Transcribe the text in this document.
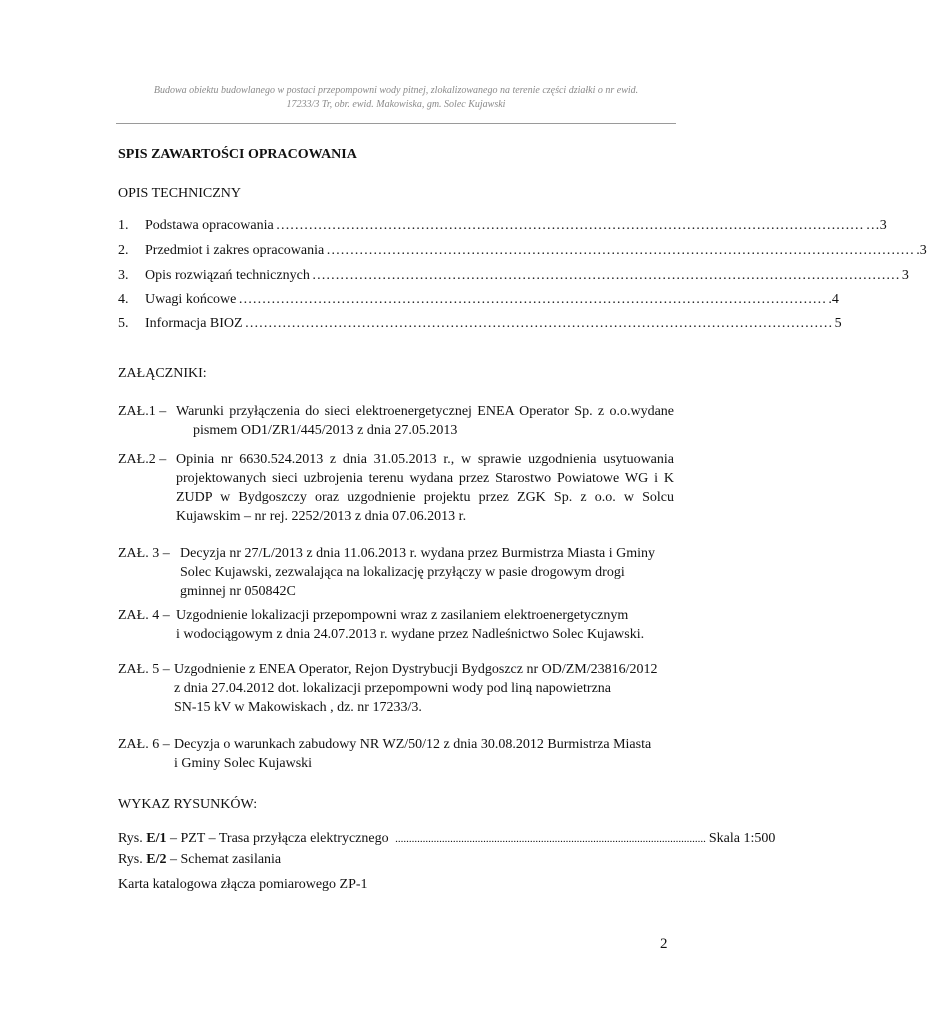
Budowa obiektu budowlanego w postaci przepompowni wody pitnej, zlokalizowanego na terenie części działki o nr ewid.
17233/3 Tr, obr. ewid. Makowiska, gm. Solec Kujawski
SPIS ZAWARTOŚCI OPRACOWANIA
OPIS TECHNICZNY
1. Podstawa opracowania ……………………………………………………………………………………………………………… …3
2. Przedmiot i zakres opracowania ……………………………………………………………………………………………………………… .3
3. Opis rozwiązań technicznych ……………………………………………………………………………………………………………… 3
4. Uwagi końcowe ……………………………………………………………………………………………………………… .4
5. Informacja BIOZ ……………………………………………………………………………………………………………… 5
ZAŁĄCZNIKI:
ZAŁ.1 – Warunki przyłączenia do sieci elektroenergetycznej ENEA Operator Sp. z o.o.wydane
pismem OD1/ZR1/445/2013 z dnia 27.05.2013
ZAŁ.2 – Opinia nr 6630.524.2013 z dnia 31.05.2013 r., w sprawie uzgodnienia usytuowania
projektowanych sieci uzbrojenia terenu wydana przez Starostwo Powiatowe WG i K
ZUDP w Bydgoszczy oraz uzgodnienie projektu przez ZGK Sp. z o.o. w Solcu
Kujawskim – nr rej. 2252/2013 z dnia 07.06.2013 r.
ZAŁ. 3 – Decyzja nr 27/L/2013 z dnia 11.06.2013 r. wydana przez Burmistrza Miasta i Gminy
Solec Kujawski, zezwalająca na lokalizację przyłączy w pasie drogowym drogi
gminnej nr 050842C
ZAŁ. 4 – Uzgodnienie lokalizacji przepompowni wraz z zasilaniem elektroenergetycznym
i wodociągowym z dnia 24.07.2013 r. wydane przez Nadleśnictwo Solec Kujawski.
ZAŁ. 5 – Uzgodnienie z ENEA Operator, Rejon Dystrybucji Bydgoszcz nr OD/ZM/23816/2012
z dnia 27.04.2012 dot. lokalizacji przepompowni wody pod liną napowietrzna
SN-15 kV w Makowiskach , dz. nr 17233/3.
ZAŁ. 6 – Decyzja o warunkach zabudowy NR WZ/50/12 z dnia 30.08.2012 Burmistrza Miasta
i Gminy Solec Kujawski
WYKAZ RYSUNKÓW:
Rys. E/1 – PZT – Trasa przyłącza elektrycznego ................................................................................................................. Skala 1:500
Rys. E/2 – Schemat zasilania
Karta katalogowa złącza pomiarowego ZP-1
2
